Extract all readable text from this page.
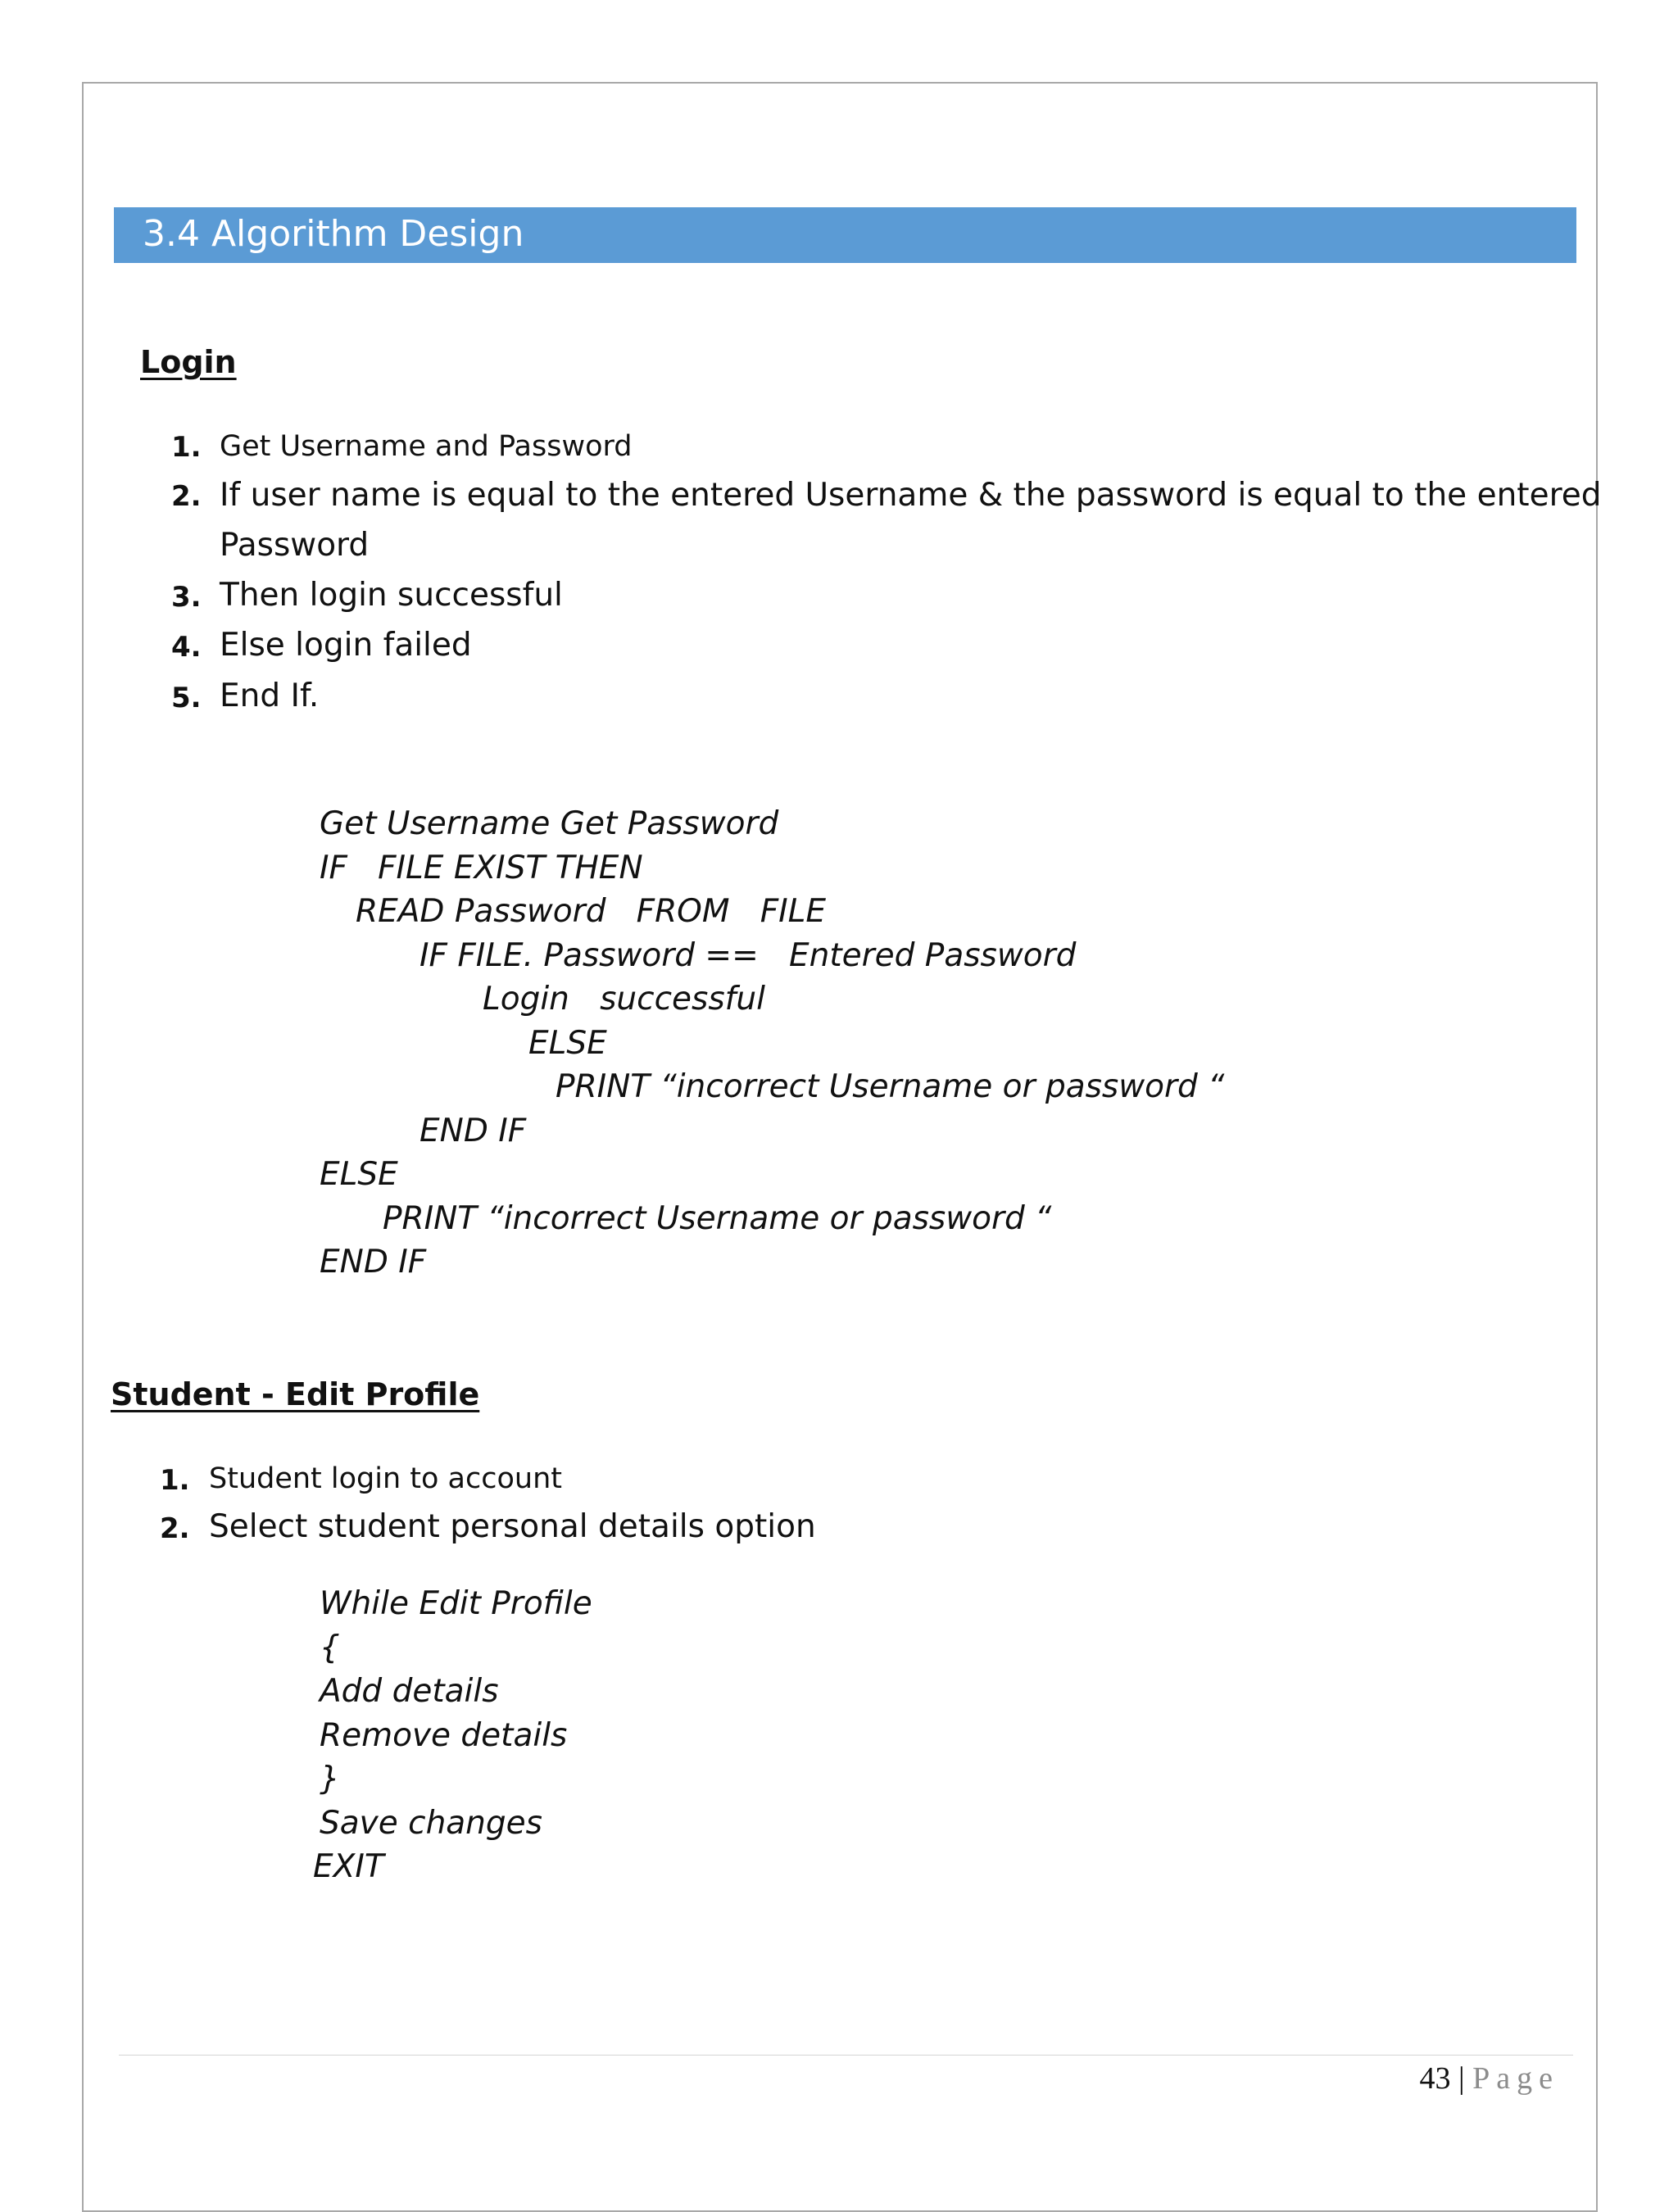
3.4 Algorithm Design
Login
1. Get Username and Password
2. If user name is equal to the entered Username & the password is equal to the entered
Password
3. Then login successful
4. Else login failed
5. End If.
Get Username Get Password
IF   FILE EXIST THEN
READ Password   FROM   FILE
IF FILE. Password ==   Entered Password
Login   successful
ELSE
PRINT “incorrect Username or password “
END IF
ELSE
PRINT “incorrect Username or password “
END IF
Student - Edit Profile
1. Student login to account
2. Select student personal details option
While Edit Profile
{
Add details
Remove details
}
Save changes
EXIT
43 | Page
